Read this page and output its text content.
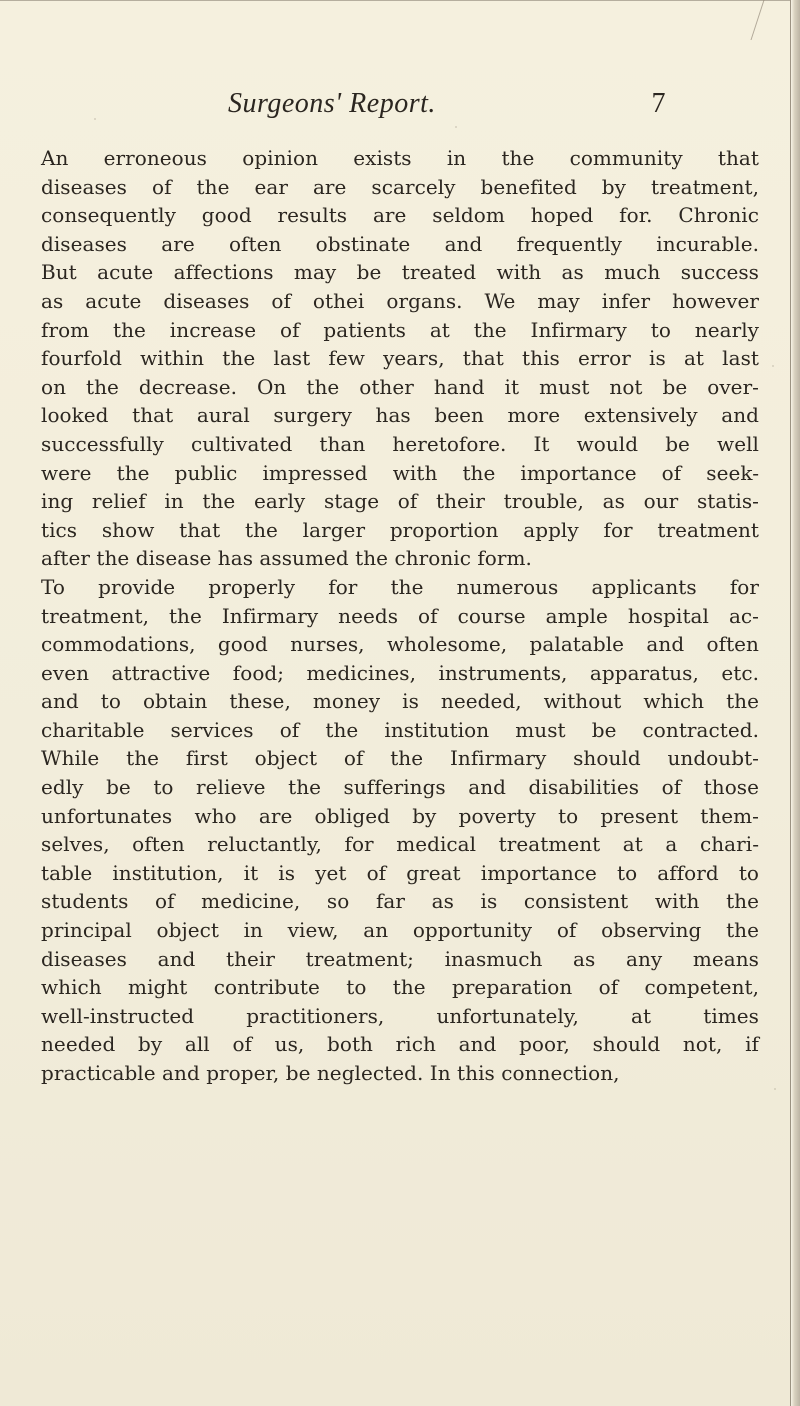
Surgeons' Report.	7
An erroneous opinion exists in the community that
diseases of the ear are scarcely benefited by treatment,
consequently good results are seldom hoped for. Chronic
diseases are often obstinate and frequently incurable.
But acute affections may be treated with as much success
as acute diseases of othei organs. We may infer however
from the increase of patients at the Infirmary to nearly
fourfold within the last few years, that this error is at last
on the decrease. On the other hand it must not be over-
looked that aural surgery has been more extensively and
successfully cultivated than heretofore. It would be well
were the public impressed with the importance of seek-
ing relief in the early stage of their trouble, as our statis-
tics show that the larger proportion apply for treatment
after the disease has assumed the chronic form.
To provide properly for the numerous applicants for
treatment, the Infirmary needs of course ample hospital ac-
commodations, good nurses, wholesome, palatable and often
even attractive food; medicines, instruments, apparatus, etc.
and to obtain these, money is needed, without which the
charitable services of the institution must be contracted.
While the first object of the Infirmary should undoubt-
edly be to relieve the sufferings and disabilities of those
unfortunates who are obliged by poverty to present them-
selves, often reluctantly, for medical treatment at a chari-
table institution, it is yet of great importance to afford to
students of medicine, so far as is consistent with the
principal object in view, an opportunity of observing the
diseases and their treatment; inasmuch as any means
which might contribute to the preparation of competent,
well-instructed practitioners, unfortunately, at times
needed by all of us, both rich and poor, should not, if
practicable and proper, be neglected. In this connection,
